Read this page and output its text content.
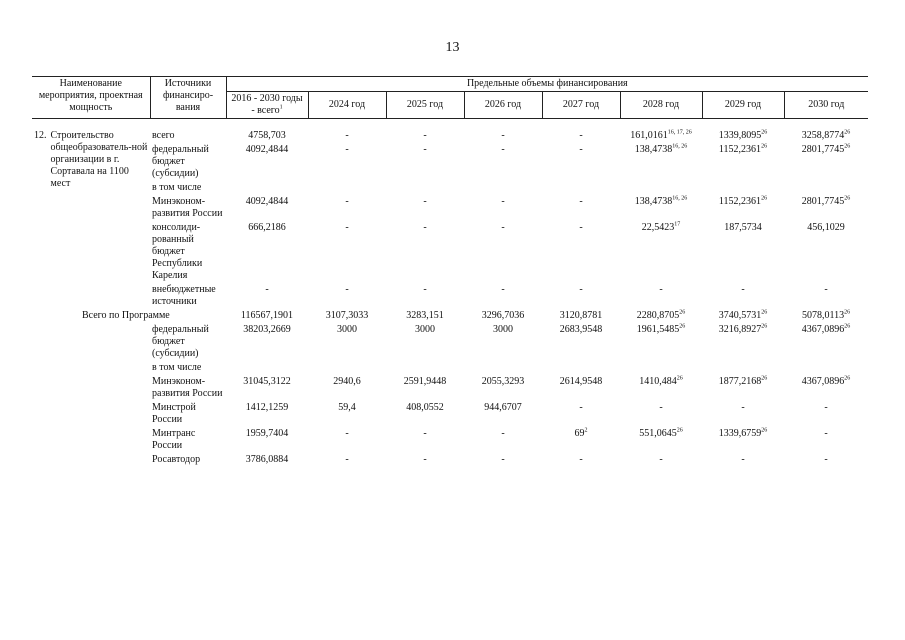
13
Наименование мероприятия, проектная мощность	Источники финансиро-вания	Предельные объемы финансирования							
		2016 - 2030 годы - всего$^1$	2024 год	2025 год	2026 год	2027 год	2028 год	2029 год	2030 год

12. Строительство общеобразователь-ной организации в г. Сортавала на 1100 мест	всего	4758,703	-	-	-	-	161,0161$^{16, 17, 26}$	1339,8095$^{26}$	3258,8774$^{26}$
	федеральный бюджет (субсидии)	4092,4844	-	-	-	-	138,4738$^{16, 26}$	1152,2361$^{26}$	2801,7745$^{26}$
	в том числе								
	Минэконом-развития России	4092,4844	-	-	-	-	138,4738$^{16, 26}$	1152,2361$^{26}$	2801,7745$^{26}$
	консолиди-рованный бюджет Республики Карелия	666,2186	-	-	-	-	22,5423$^{17}$	187,5734	456,1029
	внебюджетные источники	-	-	-	-	-	-	-	-
Всего по Программе		116567,1901	3107,3033	3283,151	3296,7036	3120,8781	2280,8705$^{26}$	3740,5731$^{26}$	5078,0113$^{26}$
	федеральный бюджет (субсидии)	38203,2669	3000	3000	3000	2683,9548	1961,5485$^{26}$	3216,8927$^{26}$	4367,0896$^{26}$
	в том числе								
	Минэконом-развития России	31045,3122	2940,6	2591,9448	2055,3293	2614,9548	1410,484$^{26}$	1877,2168$^{26}$	4367,0896$^{26}$
	Минстрой России	1412,1259	59,4	408,0552	944,6707	-	-	-	-
	Минтранс России	1959,7404	-	-	-	$69^2$	551,0645$^{26}$	1339,6759$^{26}$	-
	Росавтодор	3786,0884	-	-	-	-	-	-	-
